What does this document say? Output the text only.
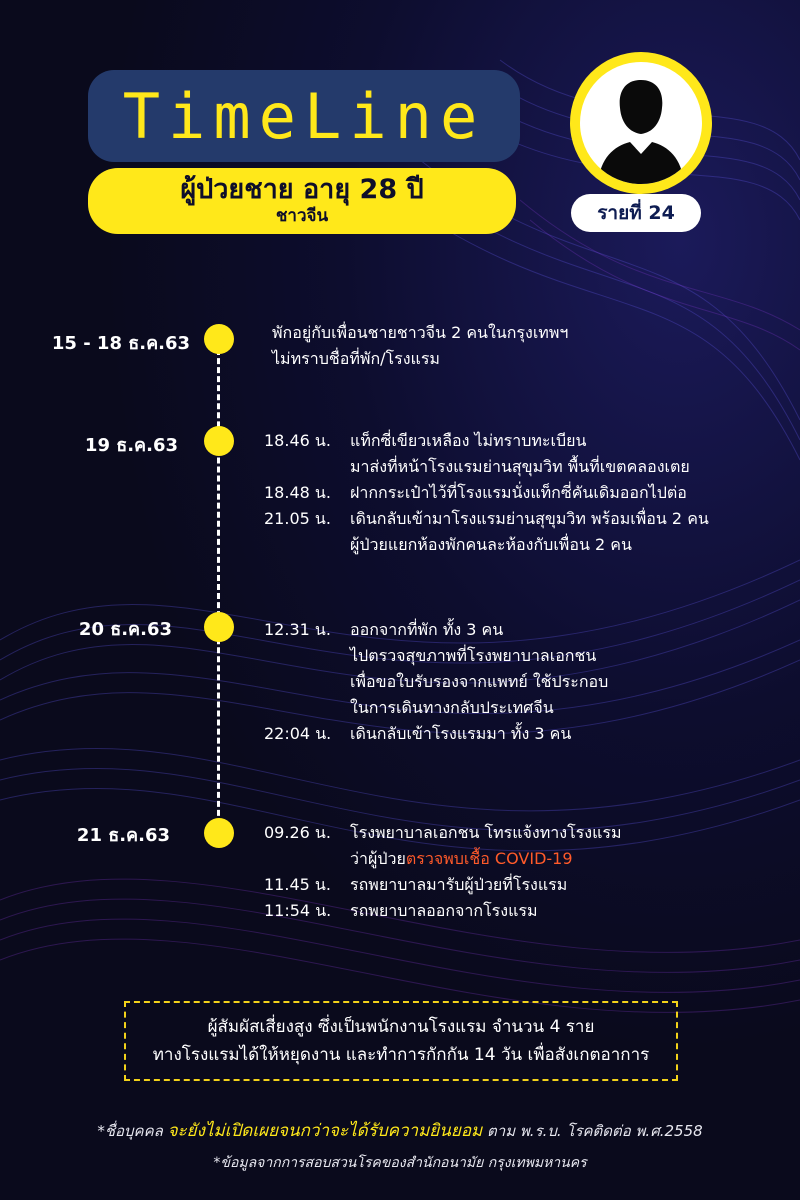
TimeLine
ผู้ป่วยชาย อายุ 28 ปี
ชาวจีน	รายที่ 24
15 - 18 ธ.ค.63
พักอยู่กับเพื่อนชายชาวจีน 2 คนในกรุงเทพฯ
ไม่ทราบชื่อที่พัก/โรงแรม
19 ธ.ค.63	18.46 น. แท็กซี่เขียวเหลือง ไม่ทราบทะเบียน
มาส่งที่หน้าโรงแรมย่านสุขุมวิท พื้นที่เขตคลองเตย
18.48 น. ฝากกระเป๋าไว้ที่โรงแรมนั่งแท็กซี่คันเดิมออกไปต่อ
21.05 น. เดินกลับเข้ามาโรงแรมย่านสุขุมวิท พร้อมเพื่อน 2 คน
ผู้ป่วยแยกห้องพักคนละห้องกับเพื่อน 2 คน
20 ธ.ค.63	12.31 น. ออกจากที่พัก ทั้ง 3 คน
ไปตรวจสุขภาพที่โรงพยาบาลเอกชน
เพื่อขอใบรับรองจากแพทย์ ใช้ประกอบ
ในการเดินทางกลับประเทศจีน
22:04 น. เดินกลับเข้าโรงแรมมา ทั้ง 3 คน
21 ธ.ค.63	09.26 น. โรงพยาบาลเอกชน โทรแจ้งทางโรงแรม
ว่าผู้ป่วยตรวจพบเชื้อ COVID-19
11.45 น. รถพยาบาลมารับผู้ป่วยที่โรงแรม
11:54 น. รถพยาบาลออกจากโรงแรม
ผู้สัมผัสเสี่ยงสูง ซึ่งเป็นพนักงานโรงแรม จำนวน 4 ราย
ทางโรงแรมได้ให้หยุดงาน และทำการกักกัน 14 วัน เพื่อสังเกตอาการ
*ชื่อบุคคล จะยังไม่เปิดเผยจนกว่าจะได้รับความยินยอม ตาม พ.ร.บ. โรคติดต่อ พ.ศ.2558
*ข้อมูลจากการสอบสวนโรคของสำนักอนามัย กรุงเทพมหานคร
